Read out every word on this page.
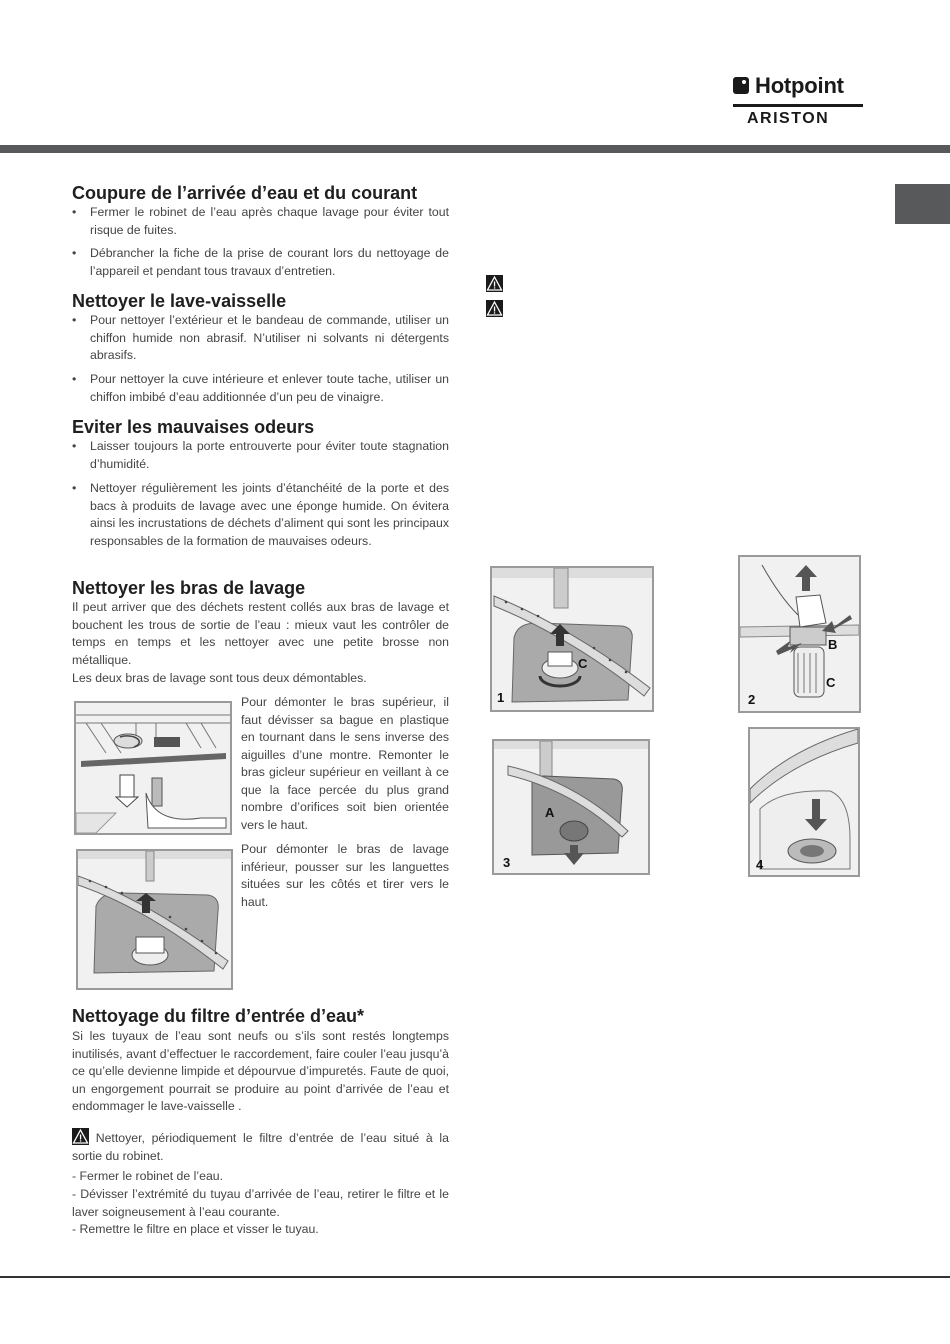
Hotpoint
ARISTON
Coupure de l’arrivée d’eau et du courant
• Fermer le robinet de l’eau après chaque lavage pour éviter tout risque de fuites.
• Débrancher la fiche de la prise de courant lors du nettoyage de l’appareil et pendant tous travaux d’entretien.
Nettoyer le lave-vaisselle
• Pour nettoyer l’extérieur et le bandeau de commande, utiliser un chiffon humide non abrasif. N’utiliser ni solvants ni détergents abrasifs.
• Pour nettoyer la cuve intérieure et enlever toute tache, utiliser un chiffon imbibé d’eau additionnée d’un peu de vinaigre.
Eviter les mauvaises odeurs
• Laisser toujours la porte entrouverte pour éviter toute stagnation d’humidité.
• Nettoyer régulièrement les joints d’étanchéité de la porte et des bacs à produits de lavage avec une éponge humide. On évitera ainsi les incrustations de déchets d’aliment qui sont les principaux responsables de la formation de mauvaises odeurs.
Nettoyer les bras de lavage
Il peut arriver que des déchets restent collés aux bras de lavage et bouchent les trous de sortie de l’eau : mieux vaut les contrôler de temps en temps et les nettoyer avec une petite brosse non métallique.
Les deux bras de lavage sont tous deux démontables.
Pour démonter le bras supérieur, il faut dévisser sa bague en plastique en tournant dans le sens inverse des aiguilles d’une montre. Remonter le bras gicleur supérieur en veillant à ce que la face percée du plus grand nombre d’orifices soit bien orientée vers le haut.
Pour démonter le bras de lavage inférieur, pousser sur les languettes situées sur les côtés et tirer vers le haut.
Nettoyage du filtre d’entrée d’eau*
Si les tuyaux de l’eau sont neufs ou s’ils sont restés longtemps inutilisés, avant d’effectuer le raccordement, faire couler l’eau jusqu’à ce qu’elle devienne limpide et dépourvue d’impuretés. Faute de quoi, un engorgement pourrait se produire au point d’arrivée de l’eau et endommager le lave-vaisselle .
Nettoyer, périodiquement le filtre d’entrée de l’eau situé à la sortie du robinet.
- Fermer le robinet de l’eau.
- Dévisser l’extrémité du tuyau d’arrivée de l’eau, retirer le filtre et le laver soigneusement à l’eau courante.
- Remettre le filtre en place et visser le tuyau.
1
C
2
B
C
3
A
4
